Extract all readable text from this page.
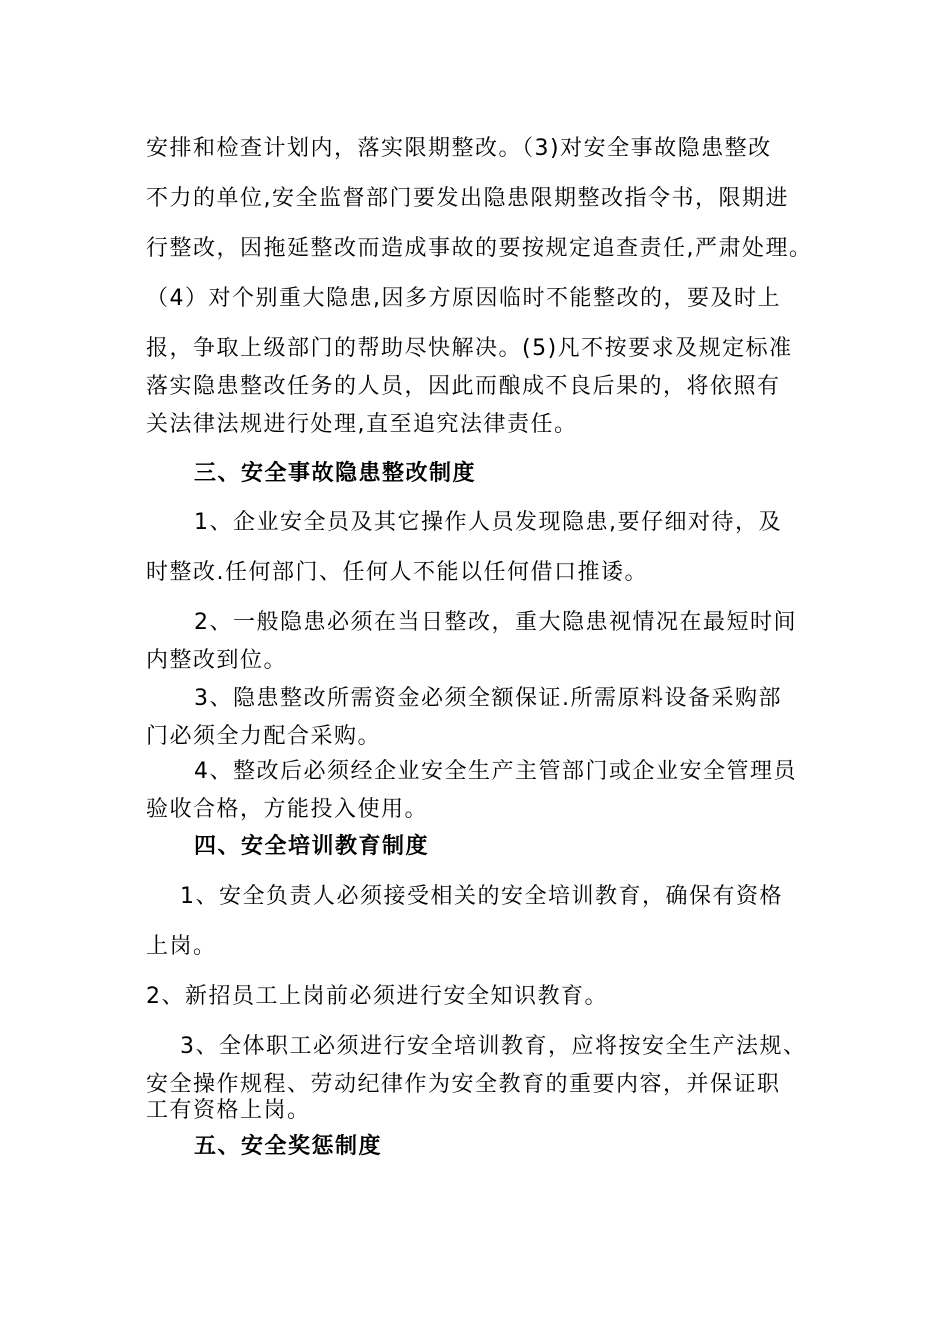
安排和检查计划内，落实限期整改。（3)对安全事故隐患整改
不力的单位,安全监督部门要发出隐患限期整改指令书，限期进
行整改，因拖延整改而造成事故的要按规定追查责任,严肃处理。
（4）对个别重大隐患,因多方原因临时不能整改的，要及时上
报，争取上级部门的帮助尽快解决。(5)凡不按要求及规定标准
落实隐患整改任务的人员，因此而酿成不良后果的，将依照有
关法律法规进行处理,直至追究法律责任。
三、安全事故隐患整改制度
1、企业安全员及其它操作人员发现隐患,要仔细对待，及
时整改.任何部门、任何人不能以任何借口推诿。
2、一般隐患必须在当日整改，重大隐患视情况在最短时间
内整改到位。
3、隐患整改所需资金必须全额保证.所需原料设备采购部
门必须全力配合采购。
4、整改后必须经企业安全生产主管部门或企业安全管理员
验收合格，方能投入使用。
四、安全培训教育制度
1、安全负责人必须接受相关的安全培训教育，确保有资格
上岗。
2、新招员工上岗前必须进行安全知识教育。
3、全体职工必须进行安全培训教育，应将按安全生产法规、
安全操作规程、劳动纪律作为安全教育的重要内容，并保证职
工有资格上岗。
五、安全奖惩制度
